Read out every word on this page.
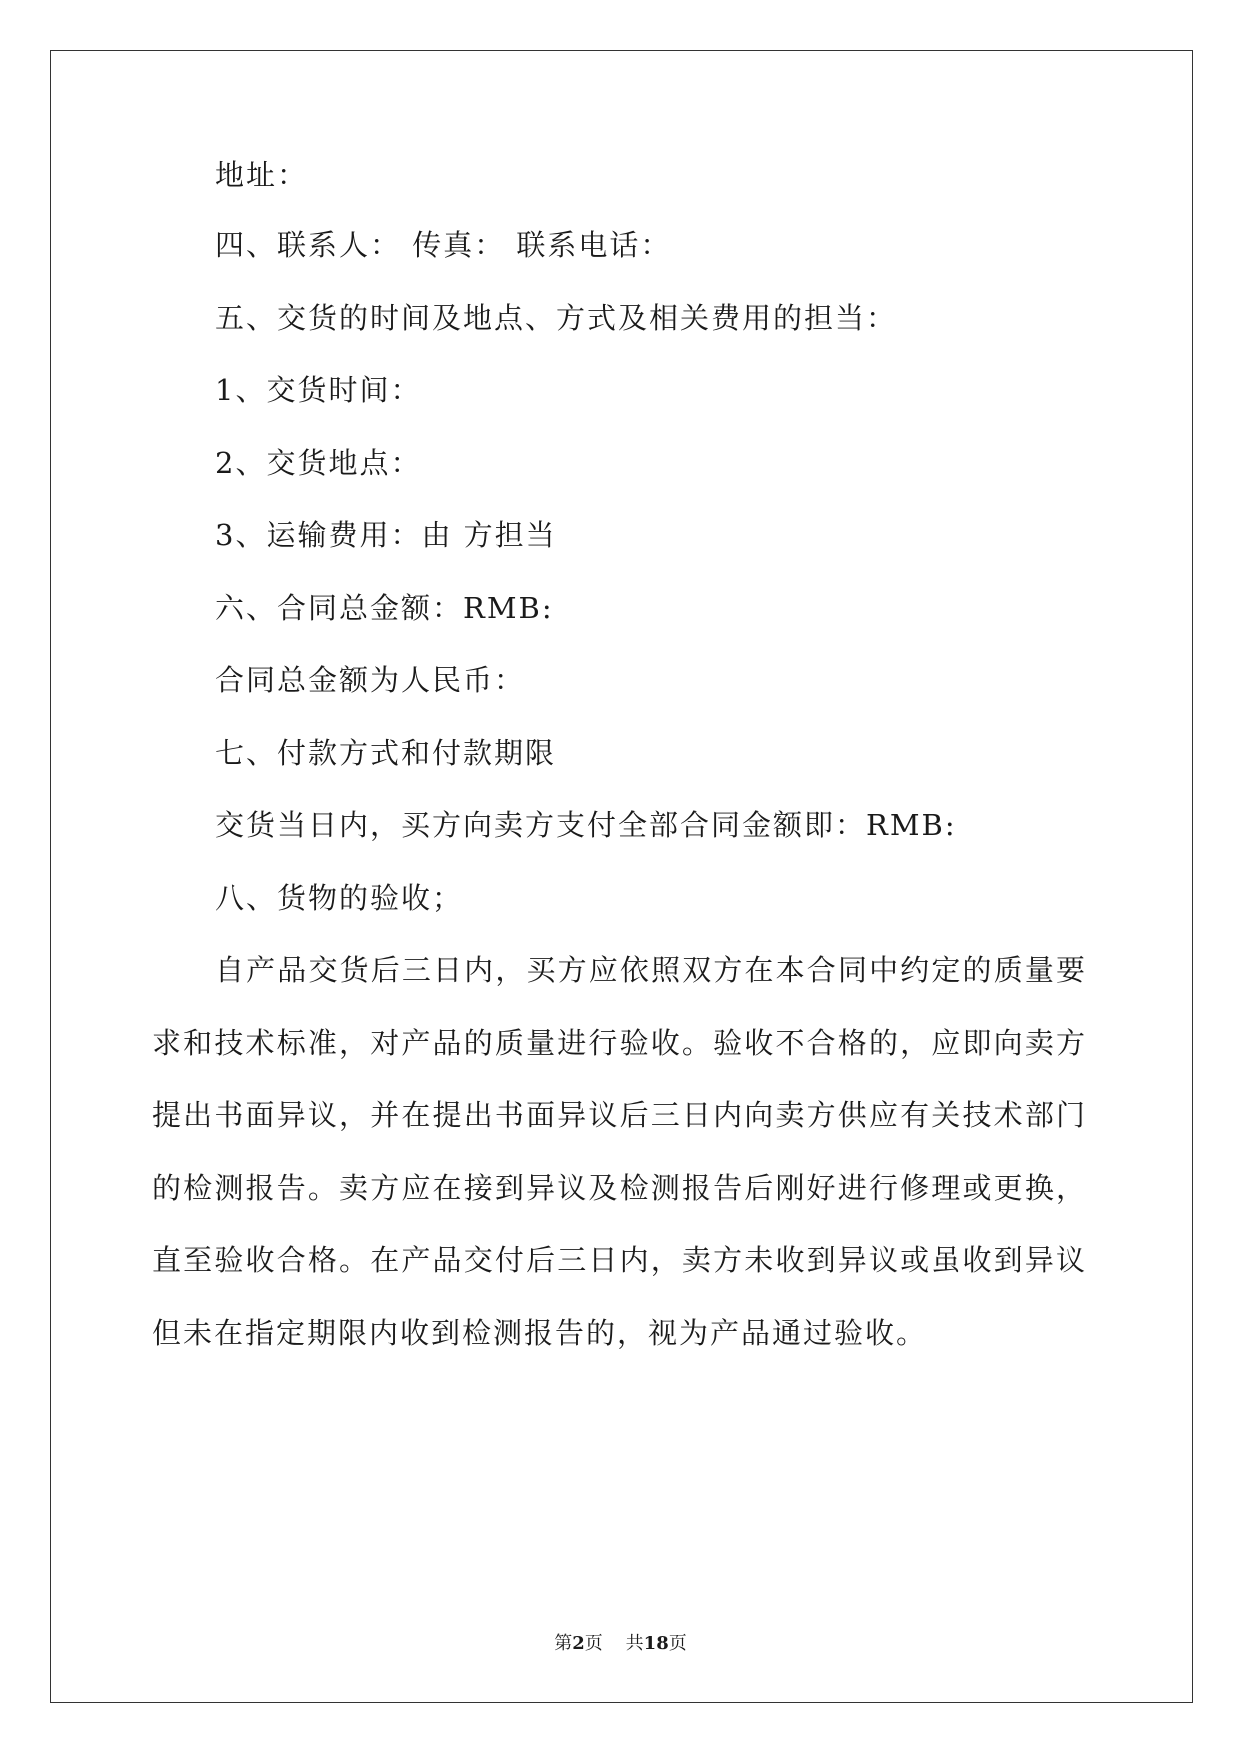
地址：
四、联系人： 传真： 联系电话：
五、交货的时间及地点、方式及相关费用的担当：
1、交货时间：
2、交货地点：
3、运输费用：由 方担当
六、合同总金额：RMB:
合同总金额为人民币：
七、付款方式和付款期限
交货当日内，买方向卖方支付全部合同金额即：RMB:
八、货物的验收；
自产品交货后三日内，买方应依照双方在本合同中约定的质量要
求和技术标准，对产品的质量进行验收。验收不合格的，应即向卖方
提出书面异议，并在提出书面异议后三日内向卖方供应有关技术部门
的检测报告。卖方应在接到异议及检测报告后刚好进行修理或更换，
直至验收合格。在产品交付后三日内，卖方未收到异议或虽收到异议
但未在指定期限内收到检测报告的，视为产品通过验收。
第2页 共18页
